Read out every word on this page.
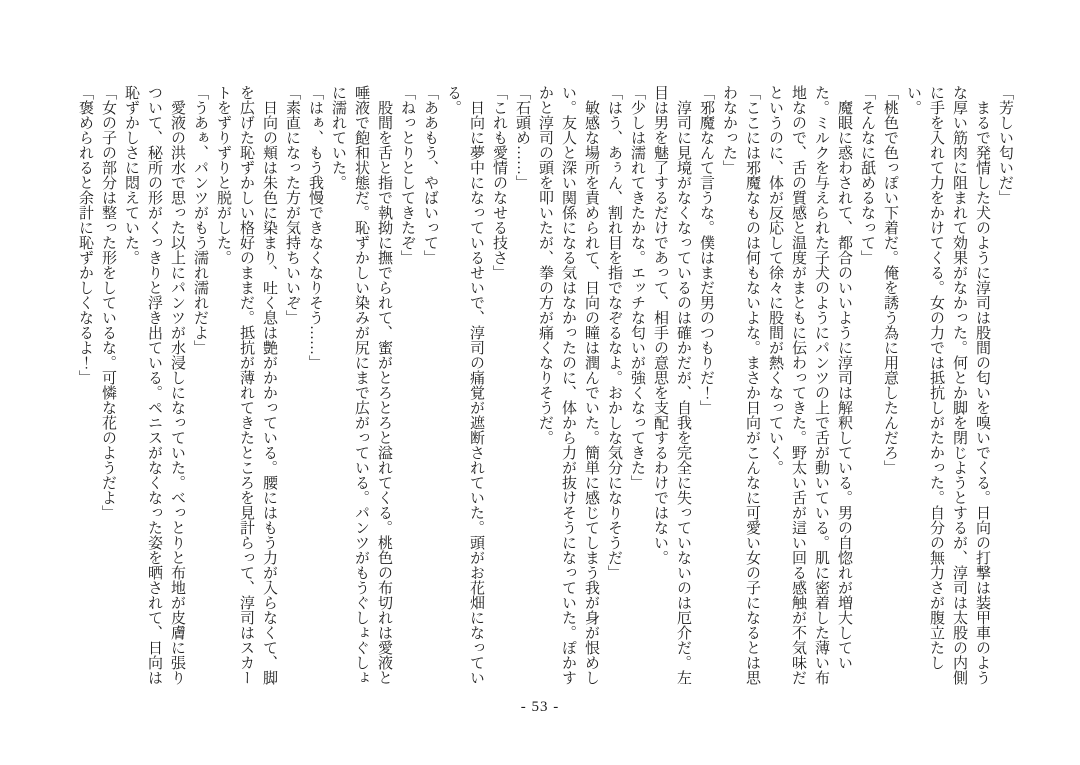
「芳しい匂いだ」

まるで発情した犬のように淳司は股間の匂いを嗅いでくる。日向の打撃は装甲車のような厚い筋肉に阻まれて効果がなかった。何とか脚を閉じようとするが、淳司は太股の内側に手を入れて力をかけてくる。女の力では抵抗しがたかった。自分の無力さが腹立たしい。

「桃色で色っぽい下着だ。俺を誘う為に用意したんだろ」

「そんなに舐めるなって」

魔眼に惑わされて、都合のいいように淳司は解釈している。男の自惚れが増大していた。ミルクを与えられた子犬のようにパンツの上で舌が動いている。肌に密着した薄い布地なので、舌の質感と温度がまともに伝わってきた。野太い舌が這い回る感触が不気味だというのに、体が反応して徐々に股間が熱くなっていく。

「ここには邪魔なものは何もないよな。まさか日向がこんなに可愛い女の子になるとは思わなかった」

「邪魔なんて言うな。僕はまだ男のつもりだ！」

淳司に見境がなくなっているのは確かだが、自我を完全に失っていないのは厄介だ。左目は男を魅了するだけであって、相手の意思を支配するわけではない。

「少しは濡れてきたかな。エッチな匂いが強くなってきた」

「はう、あぅん、割れ目を指でなぞるなよ。おかしな気分になりそうだ」

敏感な場所を責められて、日向の瞳は潤んでいた。簡単に感じてしまう我が身が恨めしい。友人と深い関係になる気はなかったのに、体から力が抜けそうになっていた。ぽかすかと淳司の頭を叩いたが、拳の方が痛くなりそうだ。

「石頭め……」

「これも愛情のなせる技さ」

日向に夢中になっているせいで、淳司の痛覚が遮断されていた。頭がお花畑になっている。

「ああもう、やばいって」

「ねっとりとしてきたぞ」

股間を舌と指で執拗に撫でられて、蜜がとろとろと溢れてくる。桃色の布切れは愛液と唾液で飽和状態だ。恥ずかしい染みが尻にまで広がっている。パンツがもうぐしょぐしょに濡れていた。

「はぁ、もう我慢できなくなりそう……」

「素直になった方が気持ちいいぞ」

日向の頬は朱色に染まり、吐く息は艶がかかっている。腰にはもう力が入らなくて、脚を広げた恥ずかしい格好のままだ。抵抗が薄れてきたところを見計らって、淳司はスカートをずりずりと脱がした。

「うあぁ、パンツがもう濡れ濡れだよ」

愛液の洪水で思った以上にパンツが水浸しになっていた。べっとりと布地が皮膚に張りついて、秘所の形がくっきりと浮き出ている。ペニスがなくなった姿を晒されて、日向は恥ずかしさに悶えていた。

「女の子の部分は整った形をしているな。可憐な花のようだよ」

「褒められると余計に恥ずかしくなるよ！」

- 53 -
